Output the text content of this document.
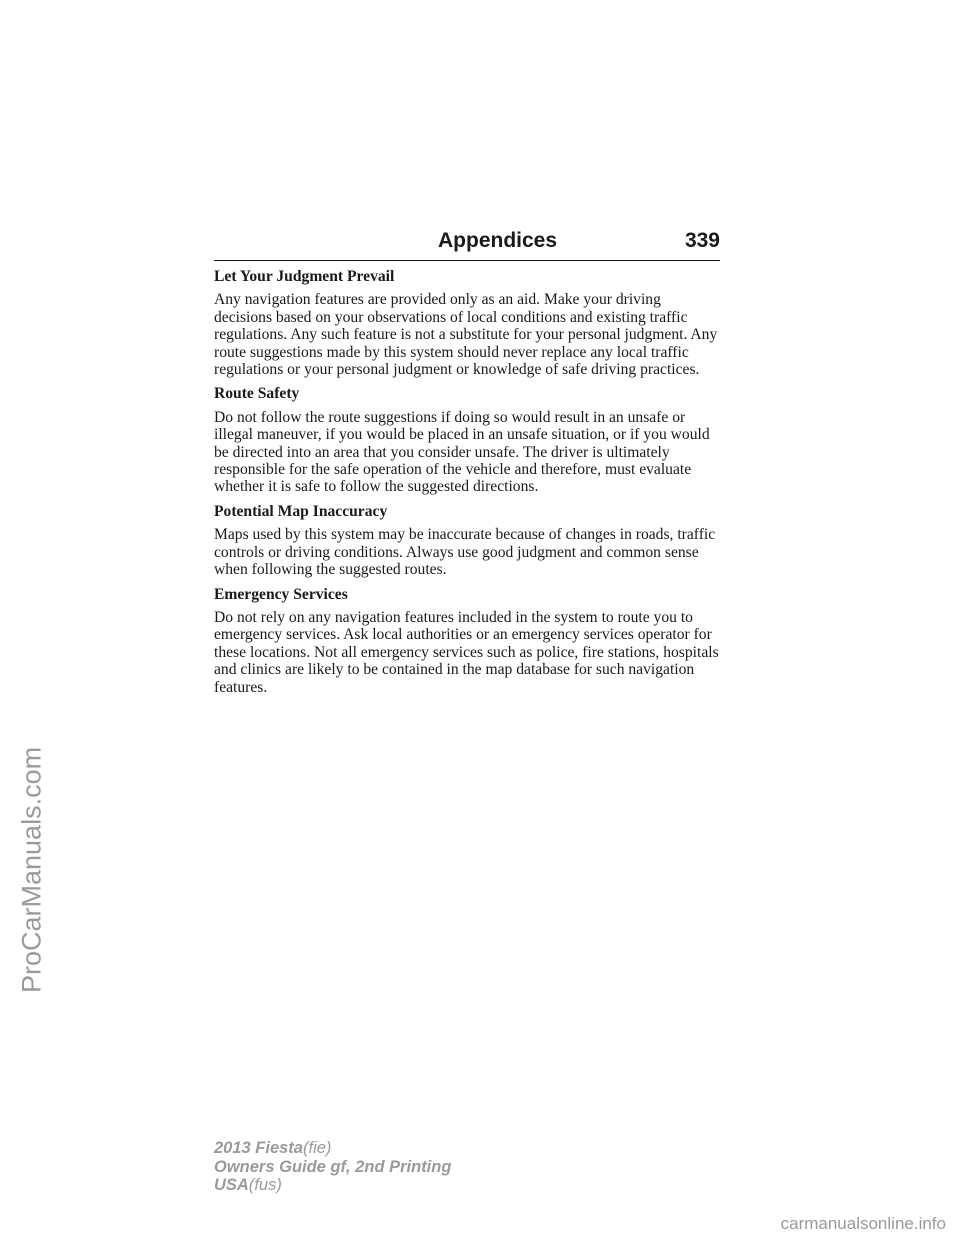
ProCarManuals.com
Appendices	339

Let Your Judgment Prevail

Any navigation features are provided only as an aid. Make your driving decisions based on your observations of local conditions and existing traffic regulations. Any such feature is not a substitute for your personal judgment. Any route suggestions made by this system should never replace any local traffic regulations or your personal judgment or knowledge of safe driving practices.

Route Safety

Do not follow the route suggestions if doing so would result in an unsafe or illegal maneuver, if you would be placed in an unsafe situation, or if you would be directed into an area that you consider unsafe. The driver is ultimately responsible for the safe operation of the vehicle and therefore, must evaluate whether it is safe to follow the suggested directions.

Potential Map Inaccuracy

Maps used by this system may be inaccurate because of changes in roads, traffic controls or driving conditions. Always use good judgment and common sense when following the suggested routes.

Emergency Services

Do not rely on any navigation features included in the system to route you to emergency services. Ask local authorities or an emergency services operator for these locations. Not all emergency services such as police, fire stations, hospitals and clinics are likely to be contained in the map database for such navigation features.

2013 Fiesta(fie)
Owners Guide gf, 2nd Printing
USA(fus)
carmanualsonline.info
